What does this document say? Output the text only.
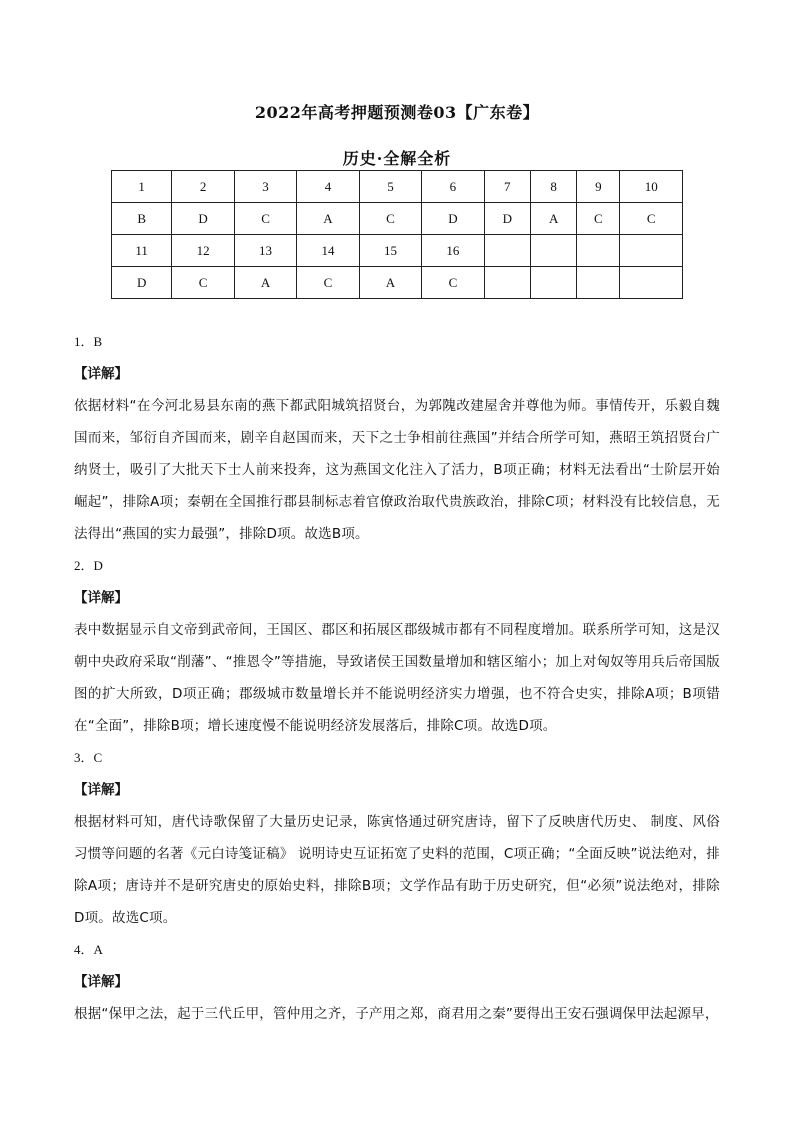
2022年高考押题预测卷03【广东卷】
历史·全解全析
1	2	3	4	5	6	7	8	9	10
B	D	C	A	C	D	D	A	C	C
11	12	13	14	15	16				
D	C	A	C	A	C				
1．B
【详解】
依据材料“在今河北易县东南的燕下都武阳城筑招贤台，为郭隗改建屋舍并尊他为师。事情传开，乐毅自魏国而来，邹衍自齐国而来，剧辛自赵国而来，天下之士争相前往燕国”并结合所学可知，燕昭王筑招贤台广纳贤士，吸引了大批天下士人前来投奔，这为燕国文化注入了活力，B项正确；材料无法看出“士阶层开始崛起”，排除A项；秦朝在全国推行郡县制标志着官僚政治取代贵族政治，排除C项；材料没有比较信息，无法得出“燕国的实力最强”，排除D项。故选B项。
2．D
【详解】
表中数据显示自文帝到武帝间，王国区、郡区和拓展区郡级城市都有不同程度增加。联系所学可知，这是汉朝中央政府采取“削藩”、“推恩令”等措施，导致诸侯王国数量增加和辖区缩小；加上对匈奴等用兵后帝国版图的扩大所致，D项正确；郡级城市数量增长并不能说明经济实力增强，也不符合史实，排除A项；B项错在“全面”，排除B项；增长速度慢不能说明经济发展落后，排除C项。故选D项。
3．C
【详解】
根据材料可知，唐代诗歌保留了大量历史记录，陈寅恪通过研究唐诗，留下了反映唐代历史、 制度、风俗习惯等问题的名著《元白诗笺证稿》 说明诗史互证拓宽了史料的范围，C项正确；“全面反映”说法绝对，排除A项；唐诗并不是研究唐史的原始史料，排除B项；文学作品有助于历史研究，但“必须”说法绝对，排除D项。故选C项。
4．A
【详解】
根据“保甲之法，起于三代丘甲，管仲用之齐，子产用之郑，商君用之秦”要得出王安石强调保甲法起源早，
